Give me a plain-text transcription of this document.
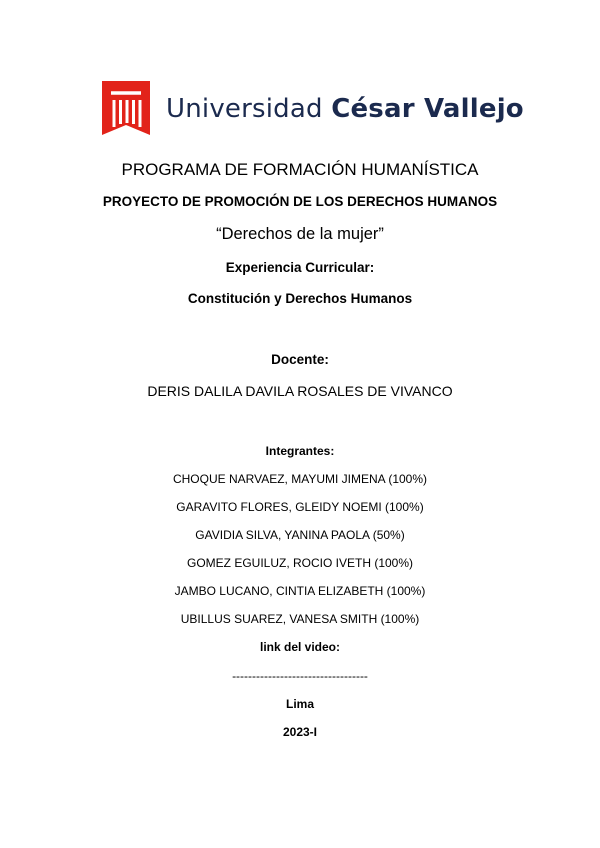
Universidad César Vallejo
PROGRAMA DE FORMACIÓN HUMANÍSTICA
PROYECTO DE PROMOCIÓN DE LOS DERECHOS HUMANOS
“Derechos de la mujer”
Experiencia Curricular:
Constitución y Derechos Humanos
Docente:
DERIS DALILA DAVILA ROSALES DE VIVANCO
Integrantes:
CHOQUE NARVAEZ, MAYUMI JIMENA (100%)
GARAVITO FLORES, GLEIDY NOEMI (100%)
GAVIDIA SILVA, YANINA PAOLA (50%)
GOMEZ EGUILUZ, ROCIO IVETH (100%)
JAMBO LUCANO, CINTIA ELIZABETH (100%)
UBILLUS SUAREZ, VANESA SMITH (100%)
link del video:
----------------------------------
Lima
2023-I
